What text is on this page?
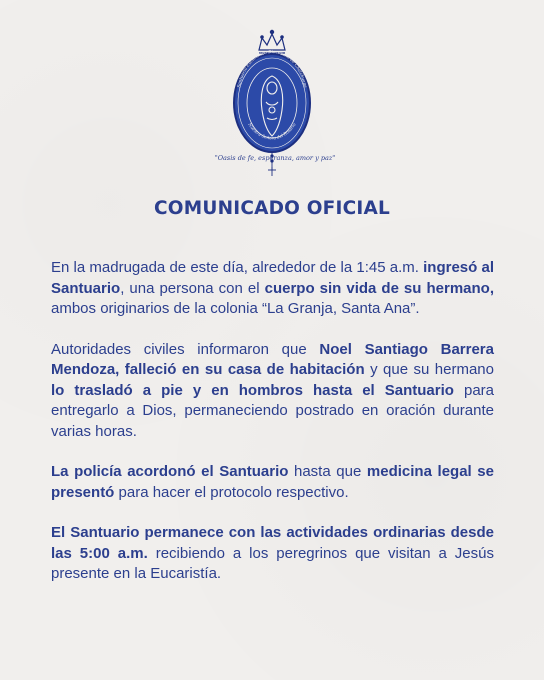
Santuario Eucarístico Diocesano de Chalchuapa
Nuestra Señora del Rosario
"Oasis de fe, esperanza, amor y paz"
COMUNICADO OFICIAL

En la madrugada de este día, alrededor de la 1:45 a.m. ingresó al Santuario, una persona con el cuerpo sin vida de su hermano, ambos originarios de la colonia “La Granja, Santa Ana”.

Autoridades civiles informaron que Noel Santiago Barrera Mendoza, falleció en su casa de habitación y que su hermano lo trasladó a pie y en hombros hasta el Santuario para entregarlo a Dios, permaneciendo postrado en oración durante varias horas.

La policía acordonó el Santuario hasta que medicina legal se presentó para hacer el protocolo respectivo.

El Santuario permanece con las actividades ordinarias desde las 5:00 a.m. recibiendo a los peregrinos que visitan a Jesús presente en la Eucaristía.
